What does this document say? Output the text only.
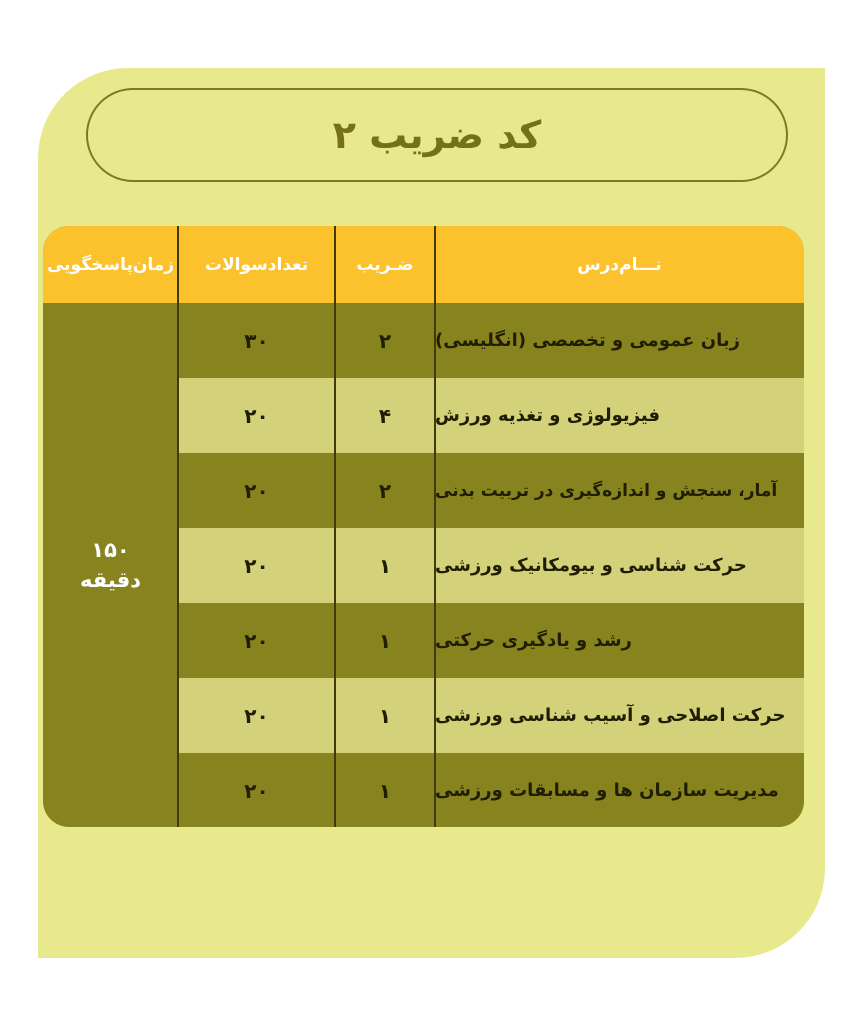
کد ضریب ۲
نـــام‌درس
ضـریب
تعدادسوالات
زمان‌پاسخگویی
۱۵۰
دقیقه
زبان عمومی و تخصصی (انگلیسی)
۲
۳۰
فیزیولوژی و تغذیه ورزش
۴
۲۰
آمار، سنجش و اندازه‌گیری در تربیت بدنی
۲
۲۰
حرکت شناسی و بیومکانیک ورزشی
۱
۲۰
رشد و یادگیری حرکتی
۱
۲۰
حرکت اصلاحی و آسیب شناسی ورزشی
۱
۲۰
مدیریت سازمان ها و مسابقات ورزشی
۱
۲۰
